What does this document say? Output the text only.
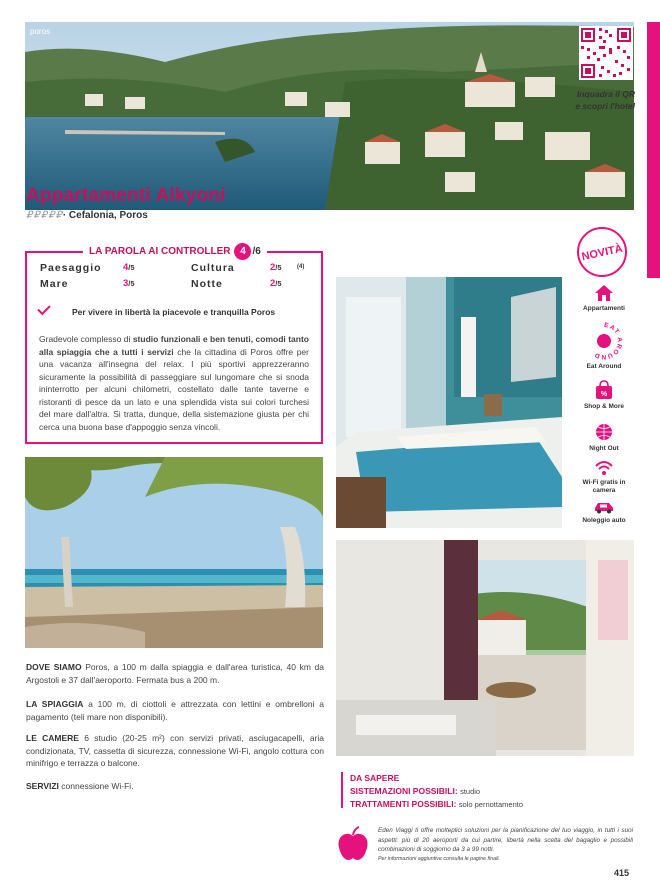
poros
Inquadra il QR
e scopri l'hotel
Appartamenti Alkyoni
₽₽₽₽₽· Cefalonia, Poros
LA PAROLA AI CONTROLLER 4 /6
Paesaggio 4/5	Cultura	2/5	(4)
Mare	3/5	Notte	2/5
Per vivere in libertà la piacevole e tranquilla Poros
Gradevole complesso di studio funzionali e ben tenuti, comodi tanto alla spiaggia che a tutti i servizi che la cittadina di Poros offre per una vacanza all'insegna del relax. I più sportivi apprezzeranno sicuramente la possibilità di passeggiare sul lungomare che si snoda ininterrotto per alcuni chilometri, costellato dalle tante taverne e ristoranti di pesce da un lato e una splendida vista sui colori turchesi del mare dall'altra. Si tratta, dunque, della sistemazione giusta per chi cerca una buona base d'appoggio senza vincoli.
DOVE SIAMO Poros, a 100 m dalla spiaggia e dall'area turistica, 40 km da Argostoli e 37 dall'aeroporto. Fermata bus a 200 m.
LA SPIAGGIA a 100 m, di ciottoli e attrezzata con lettini e ombrelloni a pagamento (teli mare non disponibili).
LE CAMERE 6 studio (20-25 m²) con servizi privati, asciugacapelli, aria condizionata, TV, cassetta di sicurezza, connessione Wi-Fi, angolo cottura con minifrigo e terrazza o balcone.
SERVIZI connessione Wi-Fi.
NOVITÀ
Appartamenti
EAT AROUND
Eat Around
%
Shop & More
Night Out
Wi-Fi gratis in camera
Noleggio auto
DA SAPERE
SISTEMAZIONI POSSIBILI: studio
TRATTAMENTI POSSIBILI: solo pernottamento
Eden Viaggi ti offre molteplici soluzioni per la pianificazione del tuo viaggio, in tutti i suoi aspetti: più di 20 aeroporti da cui partire, libertà nella scelta del bagaglio e possibili combinazioni di soggiorno da 3 a 99 notti.
Per informazioni aggiuntive consulta le pagine finali.
415
